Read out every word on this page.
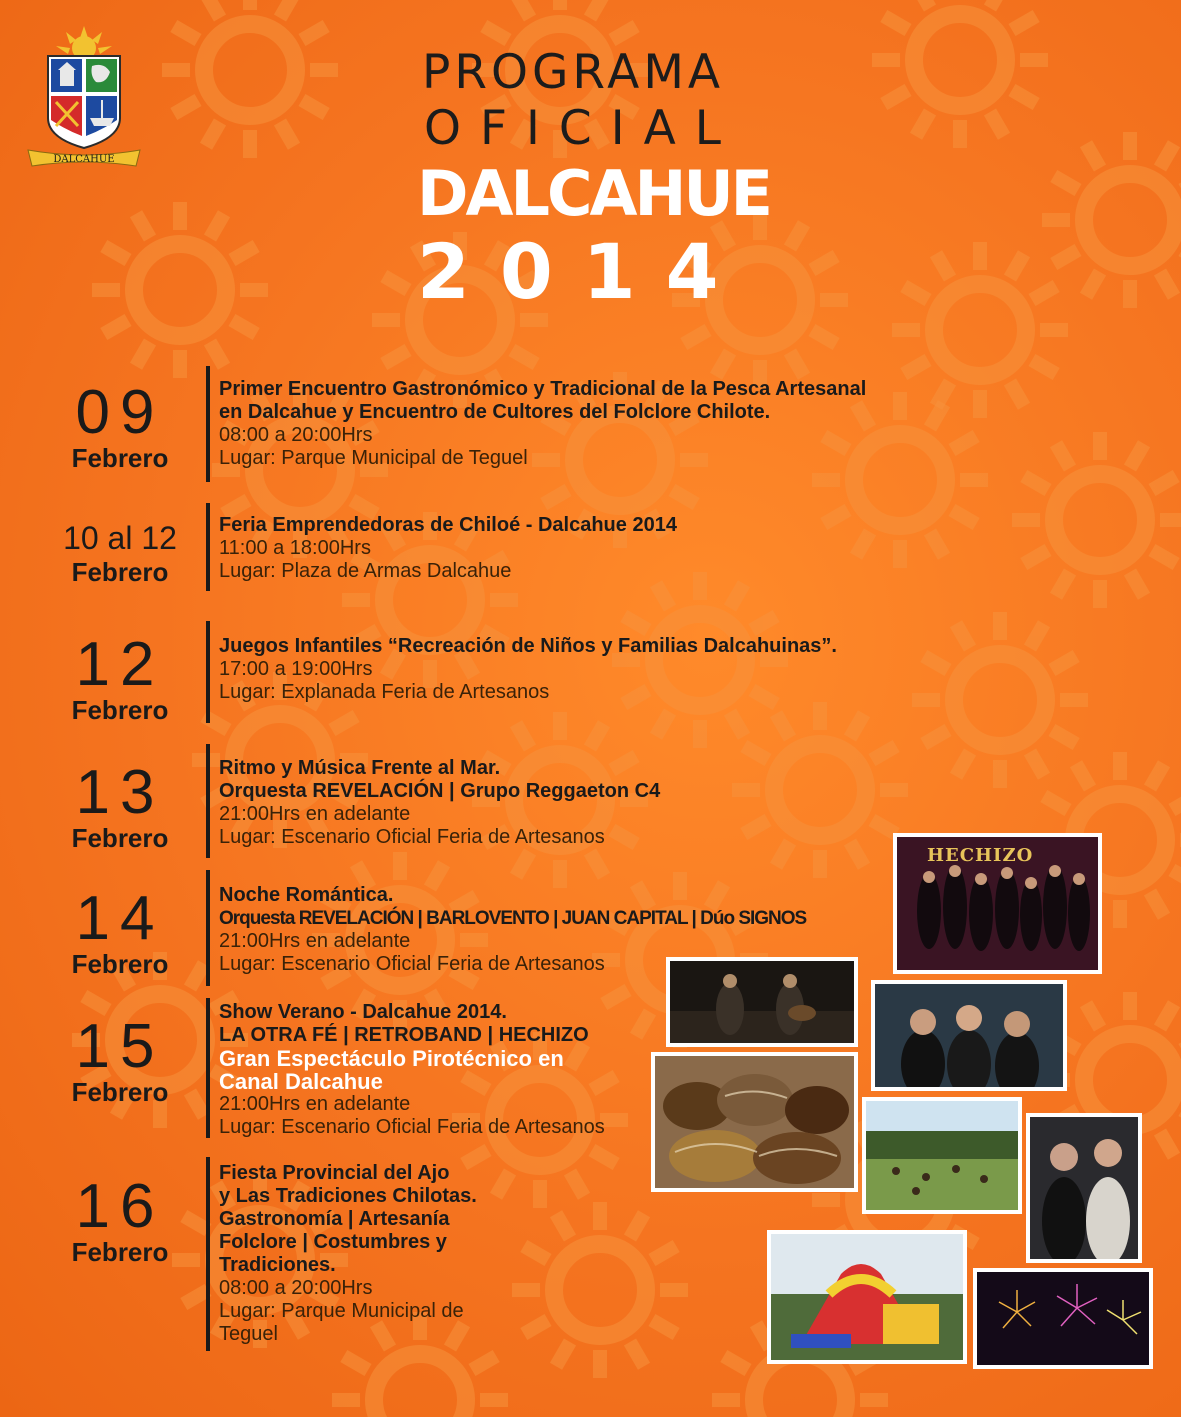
DALCAHUE
PROGRAMA
OFICIAL
DALCAHUE
2014
09
Febrero
Primer Encuentro Gastronómico y Tradicional de la Pesca Artesanal
en Dalcahue y Encuentro de Cultores del Folclore Chilote.
08:00 a 20:00Hrs
Lugar: Parque Municipal de Teguel
10 al 12
Febrero
Feria Emprendedoras de Chiloé - Dalcahue 2014
11:00 a 18:00Hrs
Lugar: Plaza de Armas Dalcahue
12
Febrero
Juegos Infantiles “Recreación de Niños y Familias Dalcahuinas”.
17:00 a 19:00Hrs
Lugar: Explanada Feria de Artesanos
13
Febrero
Ritmo y Música Frente al Mar.
Orquesta REVELACIÓN | Grupo Reggaeton C4
21:00Hrs en adelante
Lugar: Escenario Oficial Feria de Artesanos
14
Febrero
Noche Romántica.
Orquesta REVELACIÓN | BARLOVENTO | JUAN CAPITAL | Dúo SIGNOS
21:00Hrs en adelante
Lugar: Escenario Oficial Feria de Artesanos
15
Febrero
Show Verano - Dalcahue 2014.
LA OTRA FÉ | RETROBAND | HECHIZO
Gran Espectáculo Pirotécnico en
Canal Dalcahue
21:00Hrs en adelante
Lugar: Escenario Oficial Feria de Artesanos
16
Febrero
Fiesta Provincial del Ajo
y Las Tradiciones Chilotas.
Gastronomía | Artesanía
Folclore | Costumbres y
Tradiciones.
08:00 a 20:00Hrs
Lugar: Parque Municipal de
Teguel
HECHIZO
